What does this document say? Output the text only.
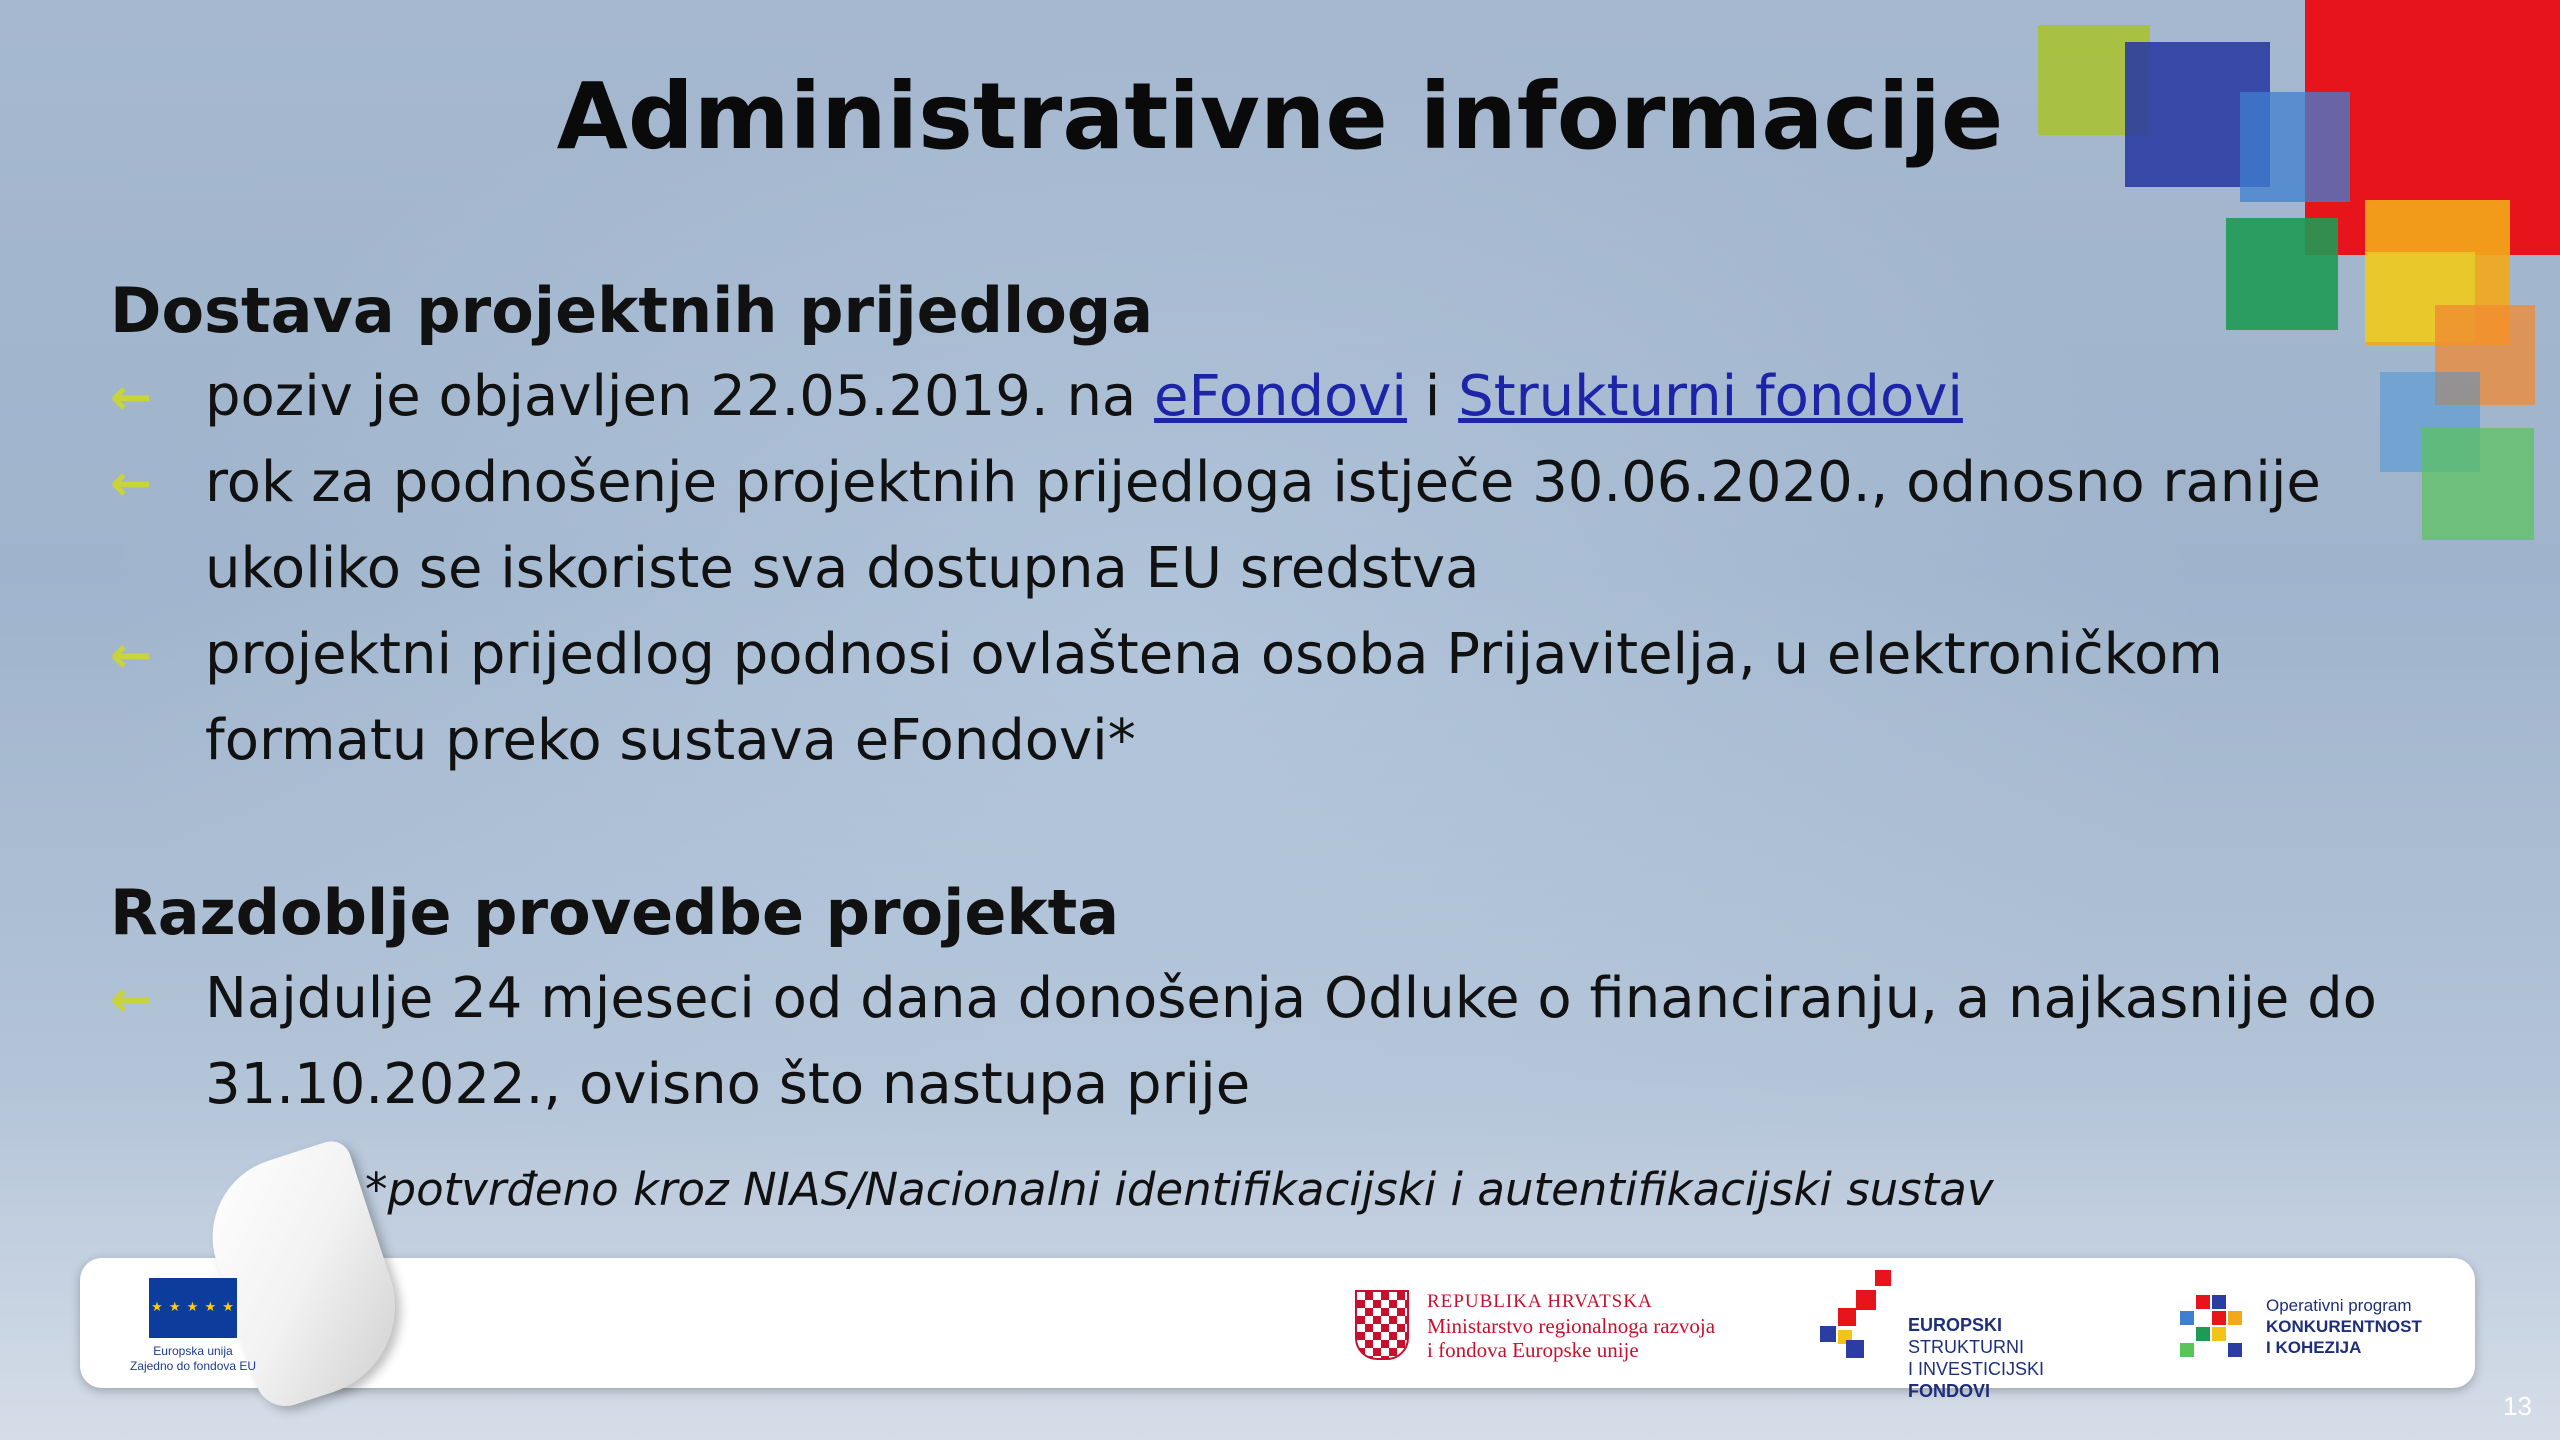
Administrativne informacije
Dostava projektnih prijedloga
← poziv je objavljen 22.05.2019. na eFondovi i Strukturni fondovi
← rok za podnošenje projektnih prijedloga istječe 30.06.2020., odnosno ranije ukoliko se iskoriste sva dostupna EU sredstva
← projektni prijedlog podnosi ovlaštena osoba Prijavitelja, u elektroničkom formatu preko sustava eFondovi*
Razdoblje provedbe projekta
← Najdulje 24 mjeseci od dana donošenja Odluke o financiranju, a najkasnije do 31.10.2022., ovisno što nastupa prije
*potvrđeno kroz NIAS/Nacionalni identifikacijski i autentifikacijski sustav
★ ★ ★ ★ ★
Europska unija
Zajedno do fondova EU
REPUBLIKA HRVATSKA
Ministarstvo regionalnoga razvoja
i fondova Europske unije
EUROPSKI STRUKTURNI
I INVESTICIJSKI FONDOVI
Operativni program
KONKURENTNOST
I KOHEZIJA
13
